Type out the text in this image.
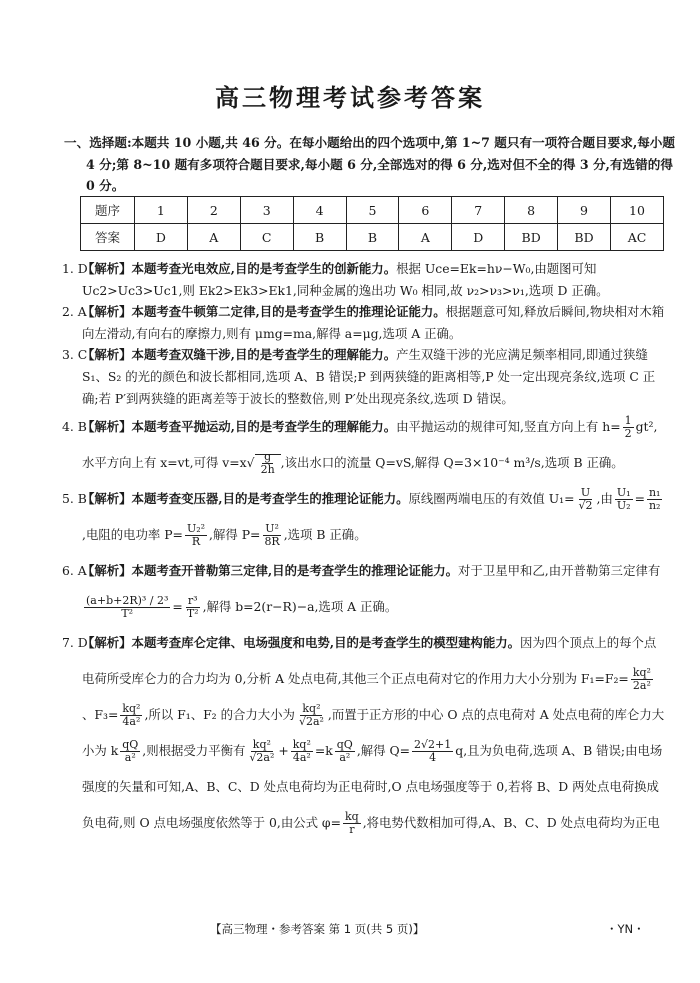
高三物理考试参考答案
一、选择题:本题共 10 小题,共 46 分。在每小题给出的四个选项中,第 1~7 题只有一项符合题目要求,每小题 4 分;第 8~10 题有多项符合题目要求,每小题 6 分,全部选对的得 6 分,选对但不全的得 3 分,有选错的得 0 分。
题序	1	2	3	4	5	6	7	8	9	10
答案	D	A	C	B	B	A	D	BD	BD	AC

1. D
【解析】本题考查光电效应,目的是考查学生的创新能力。根据 Ucе=Ek=hν−W₀,由题图可知 Uc2>Uc3>Uc1,则 Ek2>Ek3>Ek1,同种金属的逸出功 W₀ 相同,故 ν₂>ν₃>ν₁,选项 D 正确。

2. A
【解析】本题考查牛顿第二定律,目的是考查学生的推理论证能力。根据题意可知,释放后瞬间,物块相对木箱向左滑动,有向右的摩擦力,则有 μmg=ma,解得 a=μg,选项 A 正确。

3. C
【解析】本题考查双缝干涉,目的是考查学生的理解能力。产生双缝干涉的光应满足频率相同,即通过狭缝 S₁、S₂ 的光的颜色和波长都相同,选项 A、B 错误;P 到两狭缝的距离相等,P 处一定出现亮条纹,选项 C 正确;若 P′到两狭缝的距离差等于波长的整数倍,则 P′处出现亮条纹,选项 D 错误。

4. B
【解析】本题考查平抛运动,目的是考查学生的理解能力。由平抛运动的规律可知,竖直方向上有 $h= \frac{1}{2} gt^2$,水平方向上有 x=vt,可得 $v=x√ \frac{g}{2h}$ ,该出水口的流量 Q=vS,解得 Q=3×10⁻⁴ m³/s,选项 B 正确。

5. B
【解析】本题考查变压器,目的是考查学生的推理论证能力。原线圈两端电压的有效值 $U_1= \frac{U}{√2}$ ,由 $\frac{\text{U₁}}{\text{U₂}} = \frac{\text{n₁}}{\text{n₂}}$
,电阻的电功率 $P= \frac{\text{U₂²}}{R}$ ,解得 $P= \frac{\text{U²}}{8R}$ ,选项 B 正确。

6. A
【解析】本题考查开普勒第三定律,目的是考查学生的推理论证能力。对于卫星甲和乙,由开普勒第三定律有
$\frac{\text{(a+b+2R)³ / 2³}}{\text{T²}} = \frac{\text{r³}}{\text{T²}}$ ,解得 b=2(r−R)−a,选项 A 正确。

7. D
【解析】本题考查库仑定律、电场强度和电势,目的是考查学生的模型建构能力。因为四个顶点上的每个点电荷所受库仑力的合力均为 0,分析 A 处点电荷,其他三个正点电荷对它的作用力大小分别为 $F_1=F_2= \frac{\text{kq²}}{\text{2a²}}$
、$F_3= \frac{\text{kq²}}{\text{4a²}}$ ,所以 F₁、F₂ 的合力大小为 $\frac{\text{kq²}}{\text{√2a²}}$ ,而置于正方形的中心 O 点的点电荷对 A 处点电荷的库仑力大小为 k $\frac{qQ}{\text{a²}}$ ,则根据受力平衡有 $\frac{\text{kq²}}{\text{√2a²}} + \frac{\text{kq²}}{\text{4a²}} =k \frac{qQ}{\text{a²}}$ ,解得 $Q= \frac{2√2+1}{4} q$,且为负电荷,选项 A、B 错误;由电场强度的矢量和可知,A、B、C、D 处点电荷均为正电荷时,O 点电场强度等于 0,若将 B、D 两处点电荷换成负电荷,则 O 点电场强度依然等于 0,由公式 $\varphi= \frac{kq}{r}$ ,将电势代数相加可得,A、B、C、D 处点电荷均为正电

【高三物理・参考答案 第 1 页(共 5 页)】	・YN・
